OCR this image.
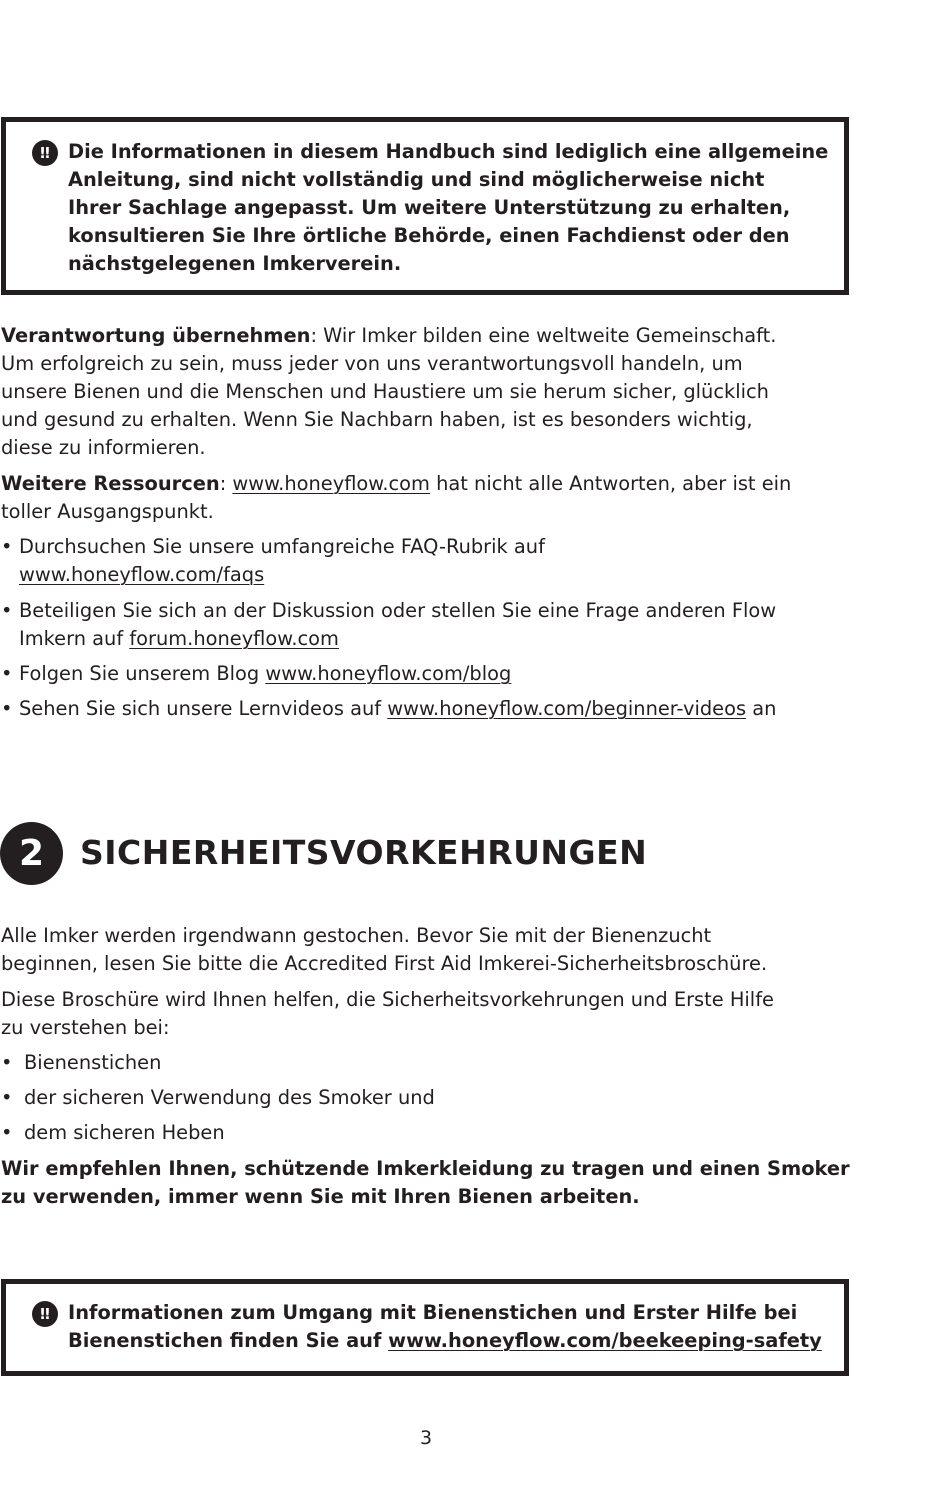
!! Die Informationen in diesem Handbuch sind lediglich eine allgemeine
Anleitung, sind nicht vollständig und sind möglicherweise nicht
Ihrer Sachlage angepasst. Um weitere Unterstützung zu erhalten,
konsultieren Sie Ihre örtliche Behörde, einen Fachdienst oder den
nächstgelegenen Imkerverein.
Verantwortung übernehmen: Wir Imker bilden eine weltweite Gemeinschaft.
Um erfolgreich zu sein, muss jeder von uns verantwortungsvoll handeln, um
unsere Bienen und die Menschen und Haustiere um sie herum sicher, glücklich
und gesund zu erhalten. Wenn Sie Nachbarn haben, ist es besonders wichtig,
diese zu informieren.
Weitere Ressourcen: www.honeyflow.com hat nicht alle Antworten, aber ist ein
toller Ausgangspunkt.
• Durchsuchen Sie unsere umfangreiche FAQ-Rubrik auf
www.honeyflow.com/faqs
• Beteiligen Sie sich an der Diskussion oder stellen Sie eine Frage anderen Flow
Imkern auf forum.honeyflow.com
• Folgen Sie unserem Blog www.honeyflow.com/blog
• Sehen Sie sich unsere Lernvideos auf www.honeyflow.com/beginner-videos an
2	SICHERHEITSVORKEHRUNGEN
Alle Imker werden irgendwann gestochen. Bevor Sie mit der Bienenzucht
beginnen, lesen Sie bitte die Accredited First Aid Imkerei-Sicherheitsbroschüre.
Diese Broschüre wird Ihnen helfen, die Sicherheitsvorkehrungen und Erste Hilfe
zu verstehen bei:
• Bienenstichen
• der sicheren Verwendung des Smoker und
• dem sicheren Heben
Wir empfehlen Ihnen, schützende Imkerkleidung zu tragen und einen Smoker
zu verwenden, immer wenn Sie mit Ihren Bienen arbeiten.
!! Informationen zum Umgang mit Bienenstichen und Erster Hilfe bei
Bienenstichen finden Sie auf www.honeyflow.com/beekeeping-safety
3
